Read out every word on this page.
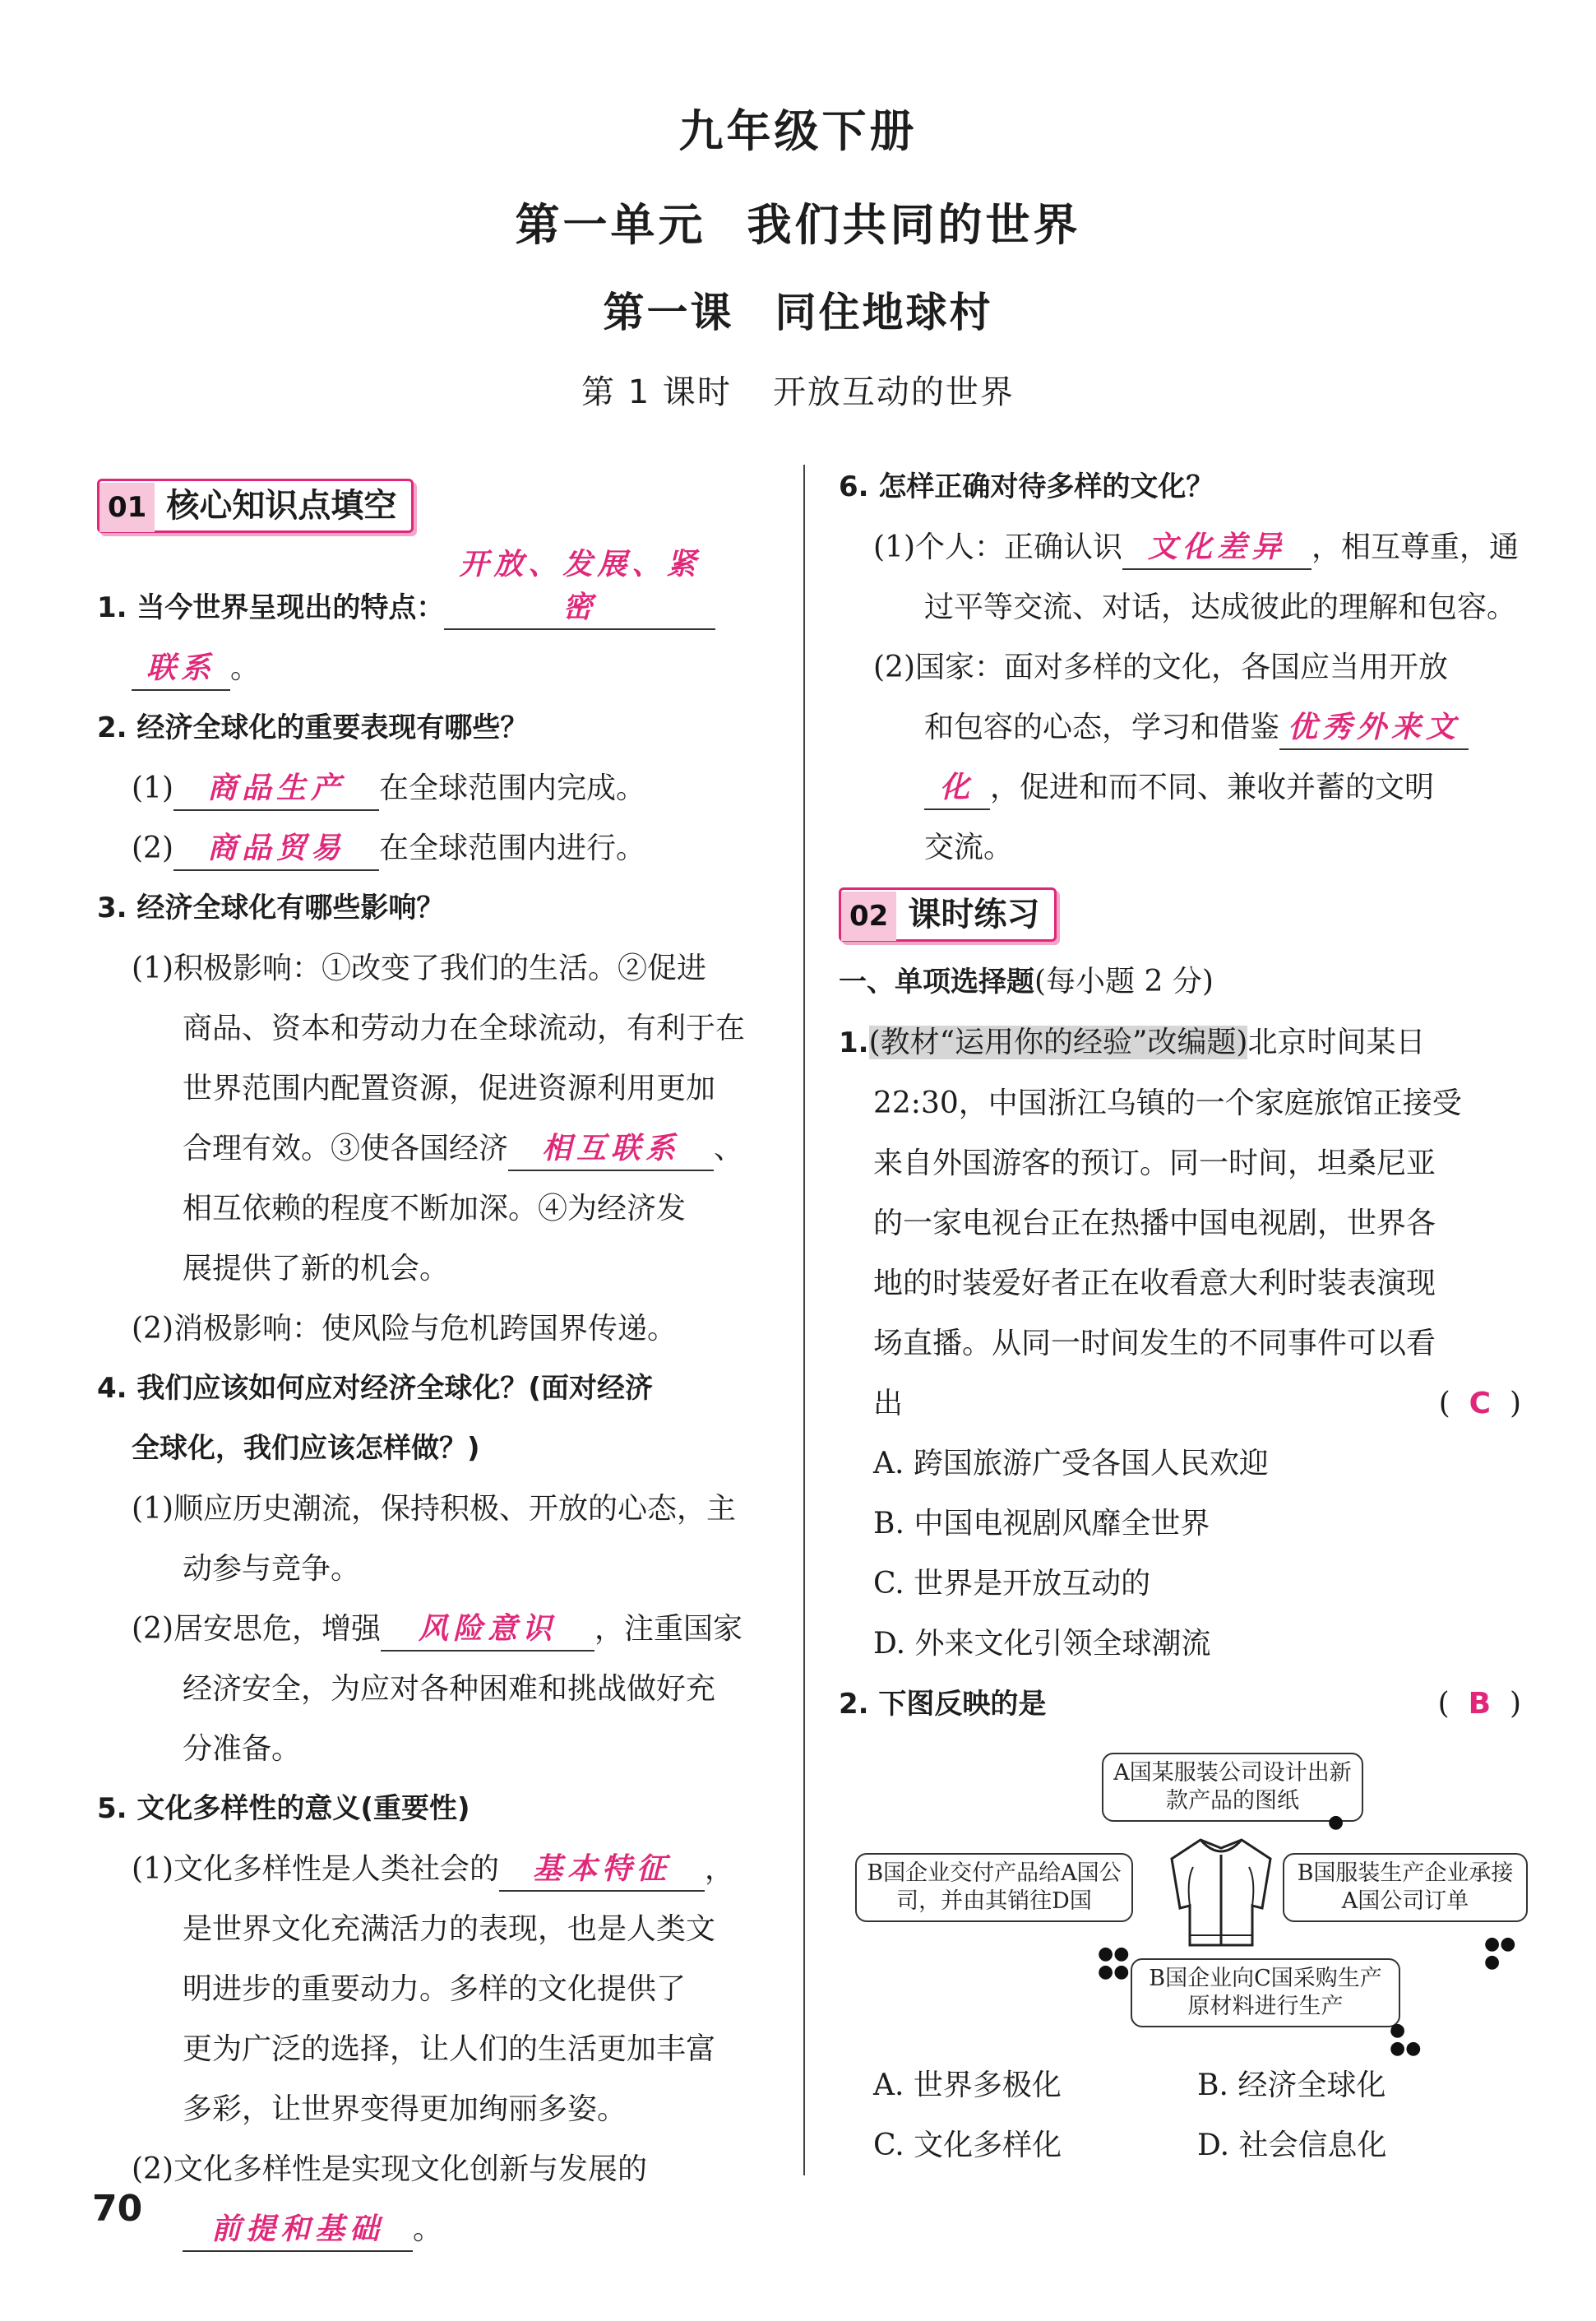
九年级下册
第一单元 我们共同的世界
第一课 同住地球村
第 1 课时 开放互动的世界
01 核心知识点填空

1. 当今世界呈现出的特点：开放、发展、紧密

联系 。

2. 经济全球化的重要表现有哪些？

(1) 商品生产 在全球范围内完成。

(2) 商品贸易 在全球范围内进行。

3. 经济全球化有哪些影响？

(1)积极影响：①改变了我们的生活。②促进

商品、资本和劳动力在全球流动，有利于在

世界范围内配置资源，促进资源利用更加

合理有效。③使各国经济 相互联系 、

相互依赖的程度不断加深。④为经济发

展提供了新的机会。

(2)消极影响：使风险与危机跨国界传递。

4. 我们应该如何应对经济全球化？(面对经济

全球化，我们应该怎样做？)

(1)顺应历史潮流，保持积极、开放的心态，主

动参与竞争。

(2)居安思危，增强 风险意识 ，注重国家

经济安全，为应对各种困难和挑战做好充

分准备。

5. 文化多样性的意义(重要性)

(1)文化多样性是人类社会的 基本特征 ，

是世界文化充满活力的表现，也是人类文

明进步的重要动力。多样的文化提供了

更为广泛的选择，让人们的生活更加丰富

多彩，让世界变得更加绚丽多姿。

(2)文化多样性是实现文化创新与发展的

前提和基础 。

6. 怎样正确对待多样的文化？

(1)个人：正确认识 文化差异 ，相互尊重，通

过平等交流、对话，达成彼此的理解和包容。

(2)国家：面对多样的文化，各国应当用开放

和包容的心态，学习和借鉴 优秀外来文

化 ，促进和而不同、兼收并蓄的文明

交流。

02 课时练习

一、单项选择题(每小题 2 分)

1.(教材“运用你的经验”改编题)北京时间某日

22:30，中国浙江乌镇的一个家庭旅馆正接受

来自外国游客的预订。同一时间，坦桑尼亚

的一家电视台正在热播中国电视剧，世界各

地的时装爱好者正在收看意大利时装表演现

场直播。从同一时间发生的不同事件可以看

出	(  C  )

A. 跨国旅游广受各国人民欢迎

B. 中国电视剧风靡全世界

C. 世界是开放互动的

D. 外来文化引领全球潮流

2. 下图反映的是	(  B  )

A国某服装公司设计出新款产品的图纸
B国企业交付产品给A国公司，并由其销往D国
B国服装生产企业承接A国公司订单
B国企业向C国采购生产原材料进行生产
●
●●
●
●
●●
●●
●●
A. 世界多极化	B. 经济全球化
C. 文化多样化	D. 社会信息化
70
